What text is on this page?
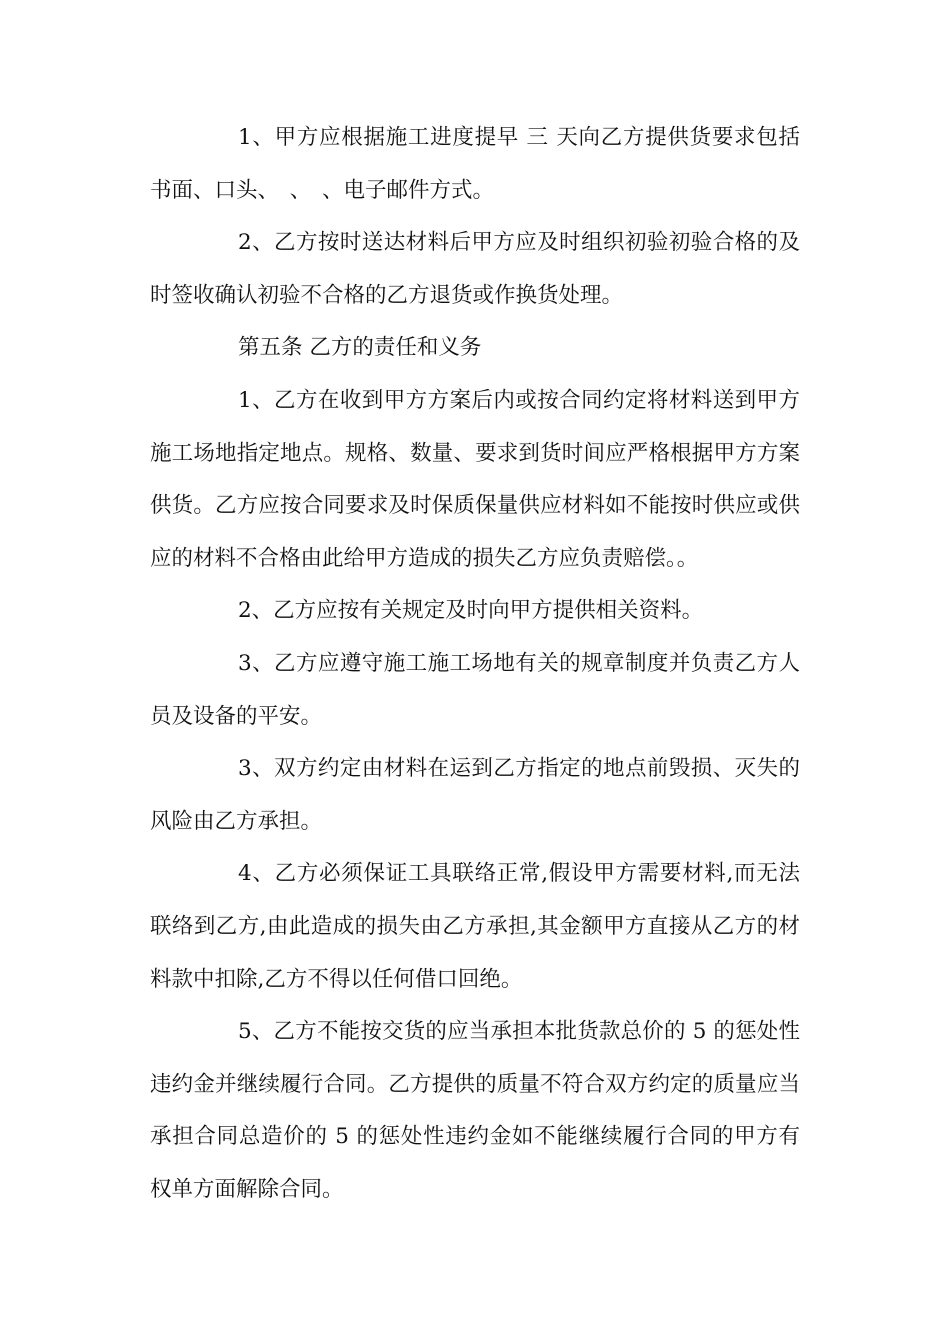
1、甲方应根据施工进度提早 三 天向乙方提供货要求包括书面、口头、　、　、电子邮件方式。

2、乙方按时送达材料后甲方应及时组织初验初验合格的及时签收确认初验不合格的乙方退货或作换货处理。

第五条 乙方的责任和义务

1、乙方在收到甲方方案后内或按合同约定将材料送到甲方施工场地指定地点。规格、数量、要求到货时间应严格根据甲方方案供货。乙方应按合同要求及时保质保量供应材料如不能按时供应或供应的材料不合格由此给甲方造成的损失乙方应负责赔偿。。

2、乙方应按有关规定及时向甲方提供相关资料。

3、乙方应遵守施工施工场地有关的规章制度并负责乙方人员及设备的平安。

3、双方约定由材料在运到乙方指定的地点前毁损、灭失的风险由乙方承担。

4、乙方必须保证工具联络正常,假设甲方需要材料,而无法联络到乙方,由此造成的损失由乙方承担,其金额甲方直接从乙方的材料款中扣除,乙方不得以任何借口回绝。

5、乙方不能按交货的应当承担本批货款总价的 5 的惩处性违约金并继续履行合同。乙方提供的质量不符合双方约定的质量应当承担合同总造价的 5 的惩处性违约金如不能继续履行合同的甲方有权单方面解除合同。
